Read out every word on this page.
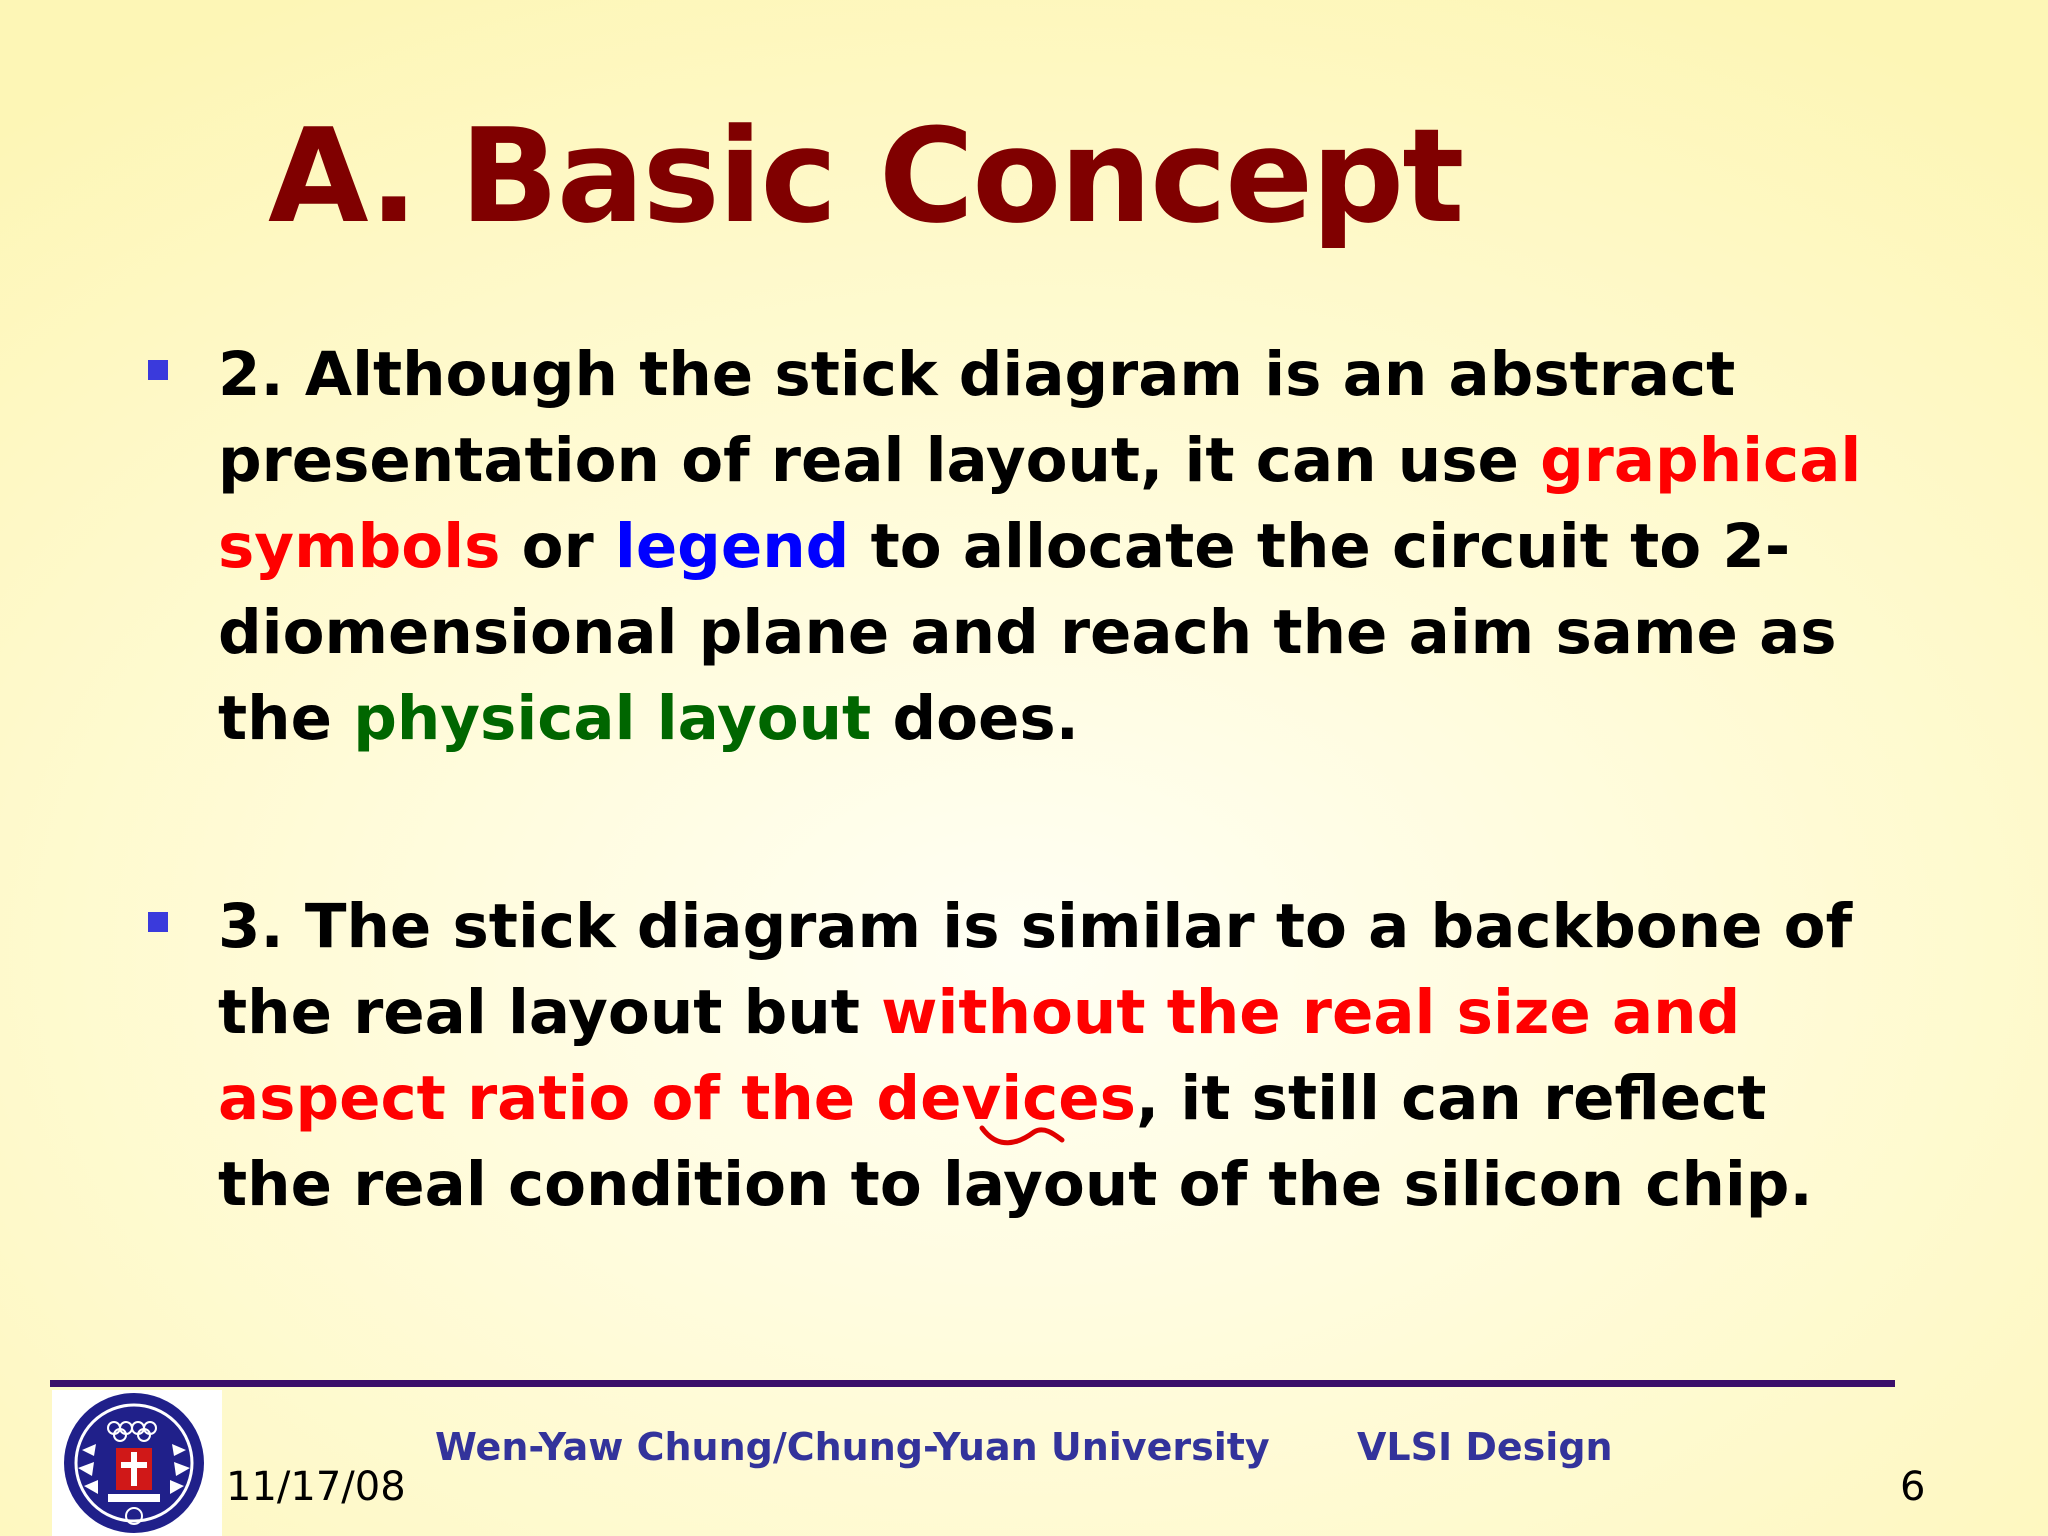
A. Basic Concept

2. Although the stick diagram is an abstract presentation of real layout, it can use graphical symbols or legend to allocate the circuit to 2-diomensional plane and reach the aim same as the physical layout does.

3. The stick diagram is similar to a backbone of the real layout but without the real size and aspect ratio of the devices, it still can reflect the real condition to layout of the silicon chip.

11/17/08
Wen-Yaw Chung/Chung-Yuan University VLSI Design
6
